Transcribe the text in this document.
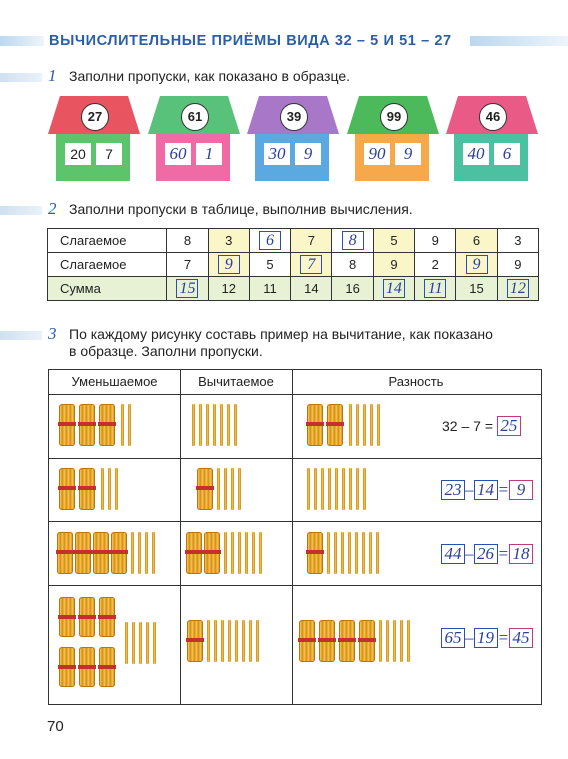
ВЫЧИСЛИТЕЛЬНЫЕ ПРИЁМЫ ВИДА 32 – 5 И 51 – 27
1 Заполни пропуски, как показано в образце.
27
20	7
61
60	1
39
30	9
99
90	9
46
40	6
2 Заполни пропуски в таблице, выполнив вычисления.
Слагаемое	8	3	6	7	8	5	9	6	3
Слагаемое	7	9	5	7	8	9	2	9	9
Сумма	15	12	11	14	16	14	11	15	12
3 По каждому рисунку составь пример на вычитание, как показано
в образце. Заполни пропуски.
Уменьшаемое	Вычитаемое	Разность
32 – 7 = 25
23 – 14 = 9
44 – 26 = 18
65 – 19 = 45
70
